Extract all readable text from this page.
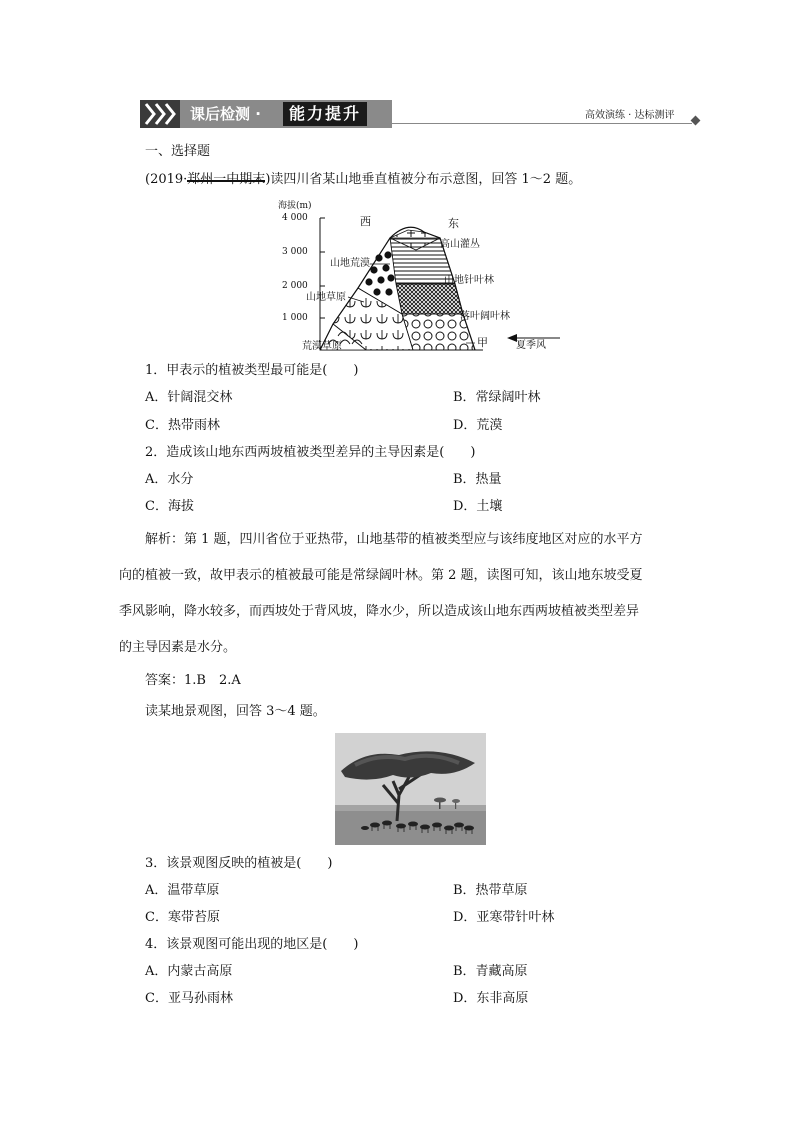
课后检测 ·	能力提升	高效演练 · 达标测评
一、选择题
(2019·郑州一中期末
)读四川省某山地垂直植被分布示意图，回答 1～2 题。
海拔(m)
4 000
3 000
2 000
1 000
西	东
高山灌丛
山地荒漠
山地针叶林
山地草原
落叶阔叶林
荒漠草原	甲	夏季风
1．甲表示的植被类型最可能是(　　)
A．针阔混交林	B．常绿阔叶林
C．热带雨林	D．荒漠
2．造成该山地东西两坡植被类型差异的主导因素是(　　)
A．水分	B．热量
C．海拔	D．土壤
解析：第 1 题，四川省位于亚热带，山地基带的植被类型应与该纬度地区对应的水平方
向的植被一致，故甲表示的植被最可能是常绿阔叶林。第 2 题，读图可知，该山地东坡受夏
季风影响，降水较多，而西坡处于背风坡，降水少，所以造成该山地东西两坡植被类型差异
的主导因素是水分。
答案：1.B　2.A
读某地景观图，回答 3～4 题。
3．该景观图反映的植被是(　　)
A．温带草原	B．热带草原
C．寒带苔原	D．亚寒带针叶林
4．该景观图可能出现的地区是(　　)
A．内蒙古高原	B．青藏高原
C．亚马孙雨林	D．东非高原
